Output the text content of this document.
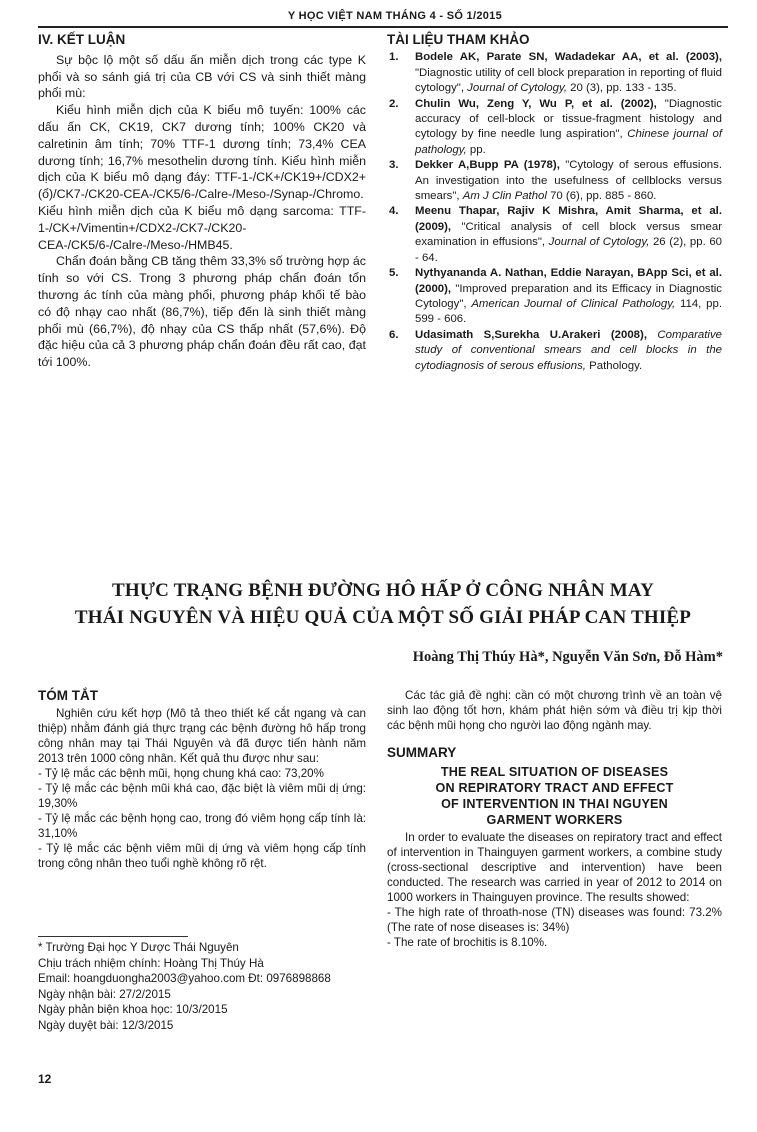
Y HỌC VIỆT NAM THÁNG 4 - SỐ 1/2015
IV. KẾT LUẬN

Sự bộc lộ một số dấu ấn miễn dịch trong các type K phổi và so sánh giá trị của CB với CS và sinh thiết màng phổi mù:

Kiểu hình miễn dịch của K biểu mô tuyến: 100% các dấu ấn CK, CK19, CK7 dương tính; 100% CK20 và calretinin âm tính; 70% TTF-1 dương tính; 73,4% CEA dương tính; 16,7% mesothelin dương tính. Kiểu hình miễn dịch của K biểu mô dạng đáy: TTF-1-/CK+/CK19+/CDX2+(ổ)/CK7-/CK20-CEA-/CK5/6-/Calre-/Meso-/Synap-/Chromo. Kiểu hình miễn dịch của K biểu mô dạng sarcoma: TTF-1-/CK+/Vimentin+/CDX2-/CK7-/CK20-CEA-/CK5/6-/Calre-/Meso-/HMB45.

Chẩn đoán bằng CB tăng thêm 33,3% số trường hợp ác tính so với CS. Trong 3 phương pháp chẩn đoán tổn thương ác tính của màng phổi, phương pháp khối tế bào có độ nhạy cao nhất (86,7%), tiếp đến là sinh thiết màng phổi mù (66,7%), độ nhạy của CS thấp nhất (57,6%). Độ đặc hiệu của cả 3 phương pháp chẩn đoán đều rất cao, đạt tới 100%.

TÀI LIỆU THAM KHẢO
1. Bodele AK, Parate SN, Wadadekar AA, et al. (2003), "Diagnostic utility of cell block preparation in reporting of fluid cytology", Journal of Cytology, 20 (3), pp. 133 - 135.
2. Chulin Wu, Zeng Y, Wu P, et al. (2002), "Diagnostic accuracy of cell-block or tissue-fragment histology and cytology by fine needle lung aspiration", Chinese journal of pathology, pp.
3. Dekker A,Bupp PA (1978), "Cytology of serous effusions. An investigation into the usefulness of cellblocks versus smears", Am J Clin Pathol 70 (6), pp. 885 - 860.
4. Meenu Thapar, Rajiv K Mishra, Amit Sharma, et al. (2009), "Critical analysis of cell block versus smear examination in effusions", Journal of Cytology, 26 (2), pp. 60 - 64.
5. Nythyananda A. Nathan, Eddie Narayan, BApp Sci, et al. (2000), "Improved preparation and its Efficacy in Diagnostic Cytology", American Journal of Clinical Pathology, 114, pp. 599 - 606.
6. Udasimath S,Surekha U.Arakeri (2008), Comparative study of conventional smears and cell blocks in the cytodiagnosis of serous effusions, Pathology.
THỰC TRẠNG BỆNH ĐƯỜNG HÔ HẤP Ở CÔNG NHÂN MAY
THÁI NGUYÊN VÀ HIỆU QUẢ CỦA MỘT SỐ GIẢI PHÁP CAN THIỆP
Hoàng Thị Thúy Hà*, Nguyễn Văn Sơn, Đỗ Hàm*
TÓM TẮT

Nghiên cứu kết hợp (Mô tả theo thiết kế cắt ngang và can thiệp) nhằm đánh giá thực trạng các bệnh đường hô hấp trong công nhân may tại Thái Nguyên và đã được tiến hành năm 2013 trên 1000 công nhân. Kết quả thu được như sau:

- Tỷ lệ mắc các bệnh mũi, họng chung khá cao: 73,20%

- Tỷ lệ mắc các bệnh mũi khá cao, đặc biệt là viêm mũi dị ứng: 19,30%

- Tỷ lệ mắc các bệnh họng cao, trong đó viêm họng cấp tính là: 31,10%

- Tỷ lệ mắc các bệnh viêm mũi dị ứng và viêm họng cấp tính trong công nhân theo tuổi nghề không rõ rệt.

Các tác giả đề nghị: cần có một chương trình về an toàn vệ sinh lao động tốt hơn, khám phát hiện sớm và điều trị kịp thời các bệnh mũi họng cho người lao động ngành may.

SUMMARY
THE REAL SITUATION OF DISEASES
ON REPIRATORY TRACT AND EFFECT
OF INTERVENTION IN THAI NGUYEN
GARMENT WORKERS

In order to evaluate the diseases on repiratory tract and effect of intervention in Thainguyen garment workers, a combine study (cross-sectional descriptive and intervention) have been conducted. The research was carried in year of 2012 to 2014 on 1000 workers in Thainguyen province. The results showed:

- The high rate of throath-nose (TN) diseases was found: 73.2% (The rate of nose diseases is: 34%)

- The rate of brochitis is 8.10%.

* Trường Đại học Y Dược Thái Nguyên

Chịu trách nhiệm chính: Hoàng Thị Thúy Hà

Email: hoangduongha2003@yahoo.com Đt: 0976898868

Ngày nhận bài: 27/2/2015

Ngày phản biện khoa học: 10/3/2015

Ngày duyệt bài: 12/3/2015

12
